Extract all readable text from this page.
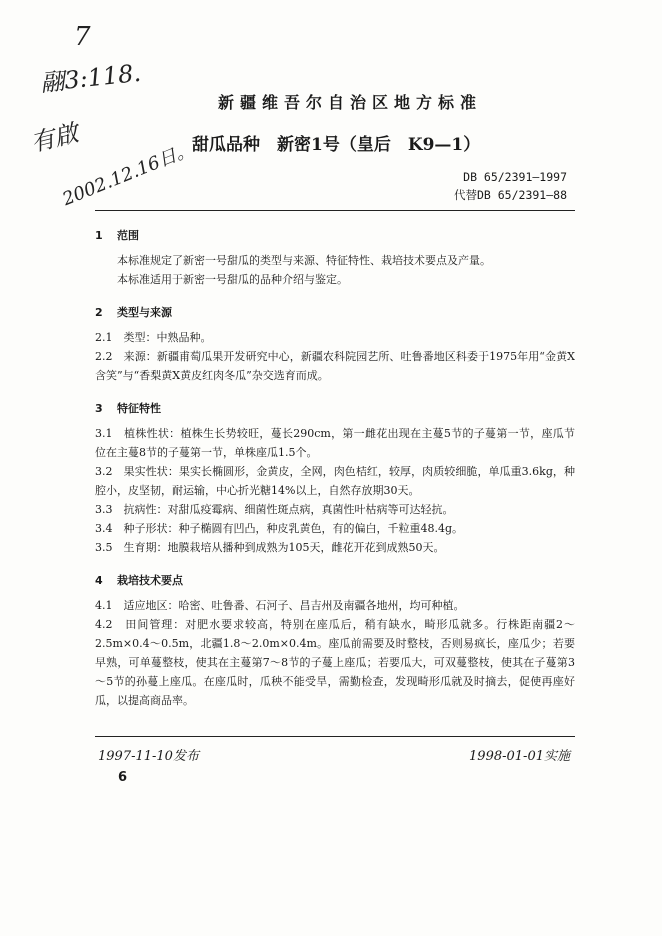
7
翮3:118.
有啟
2002.12.16日。
新疆维吾尔自治区地方标准
甜瓜品种　新密1号（皇后　K9—1）
DB 65/2391—1997
代替DB 65/2391—88
1 范围

本标准规定了新密一号甜瓜的类型与来源、特征特性、栽培技术要点及产量。

本标准适用于新密一号甜瓜的品种介绍与鉴定。

2 类型与来源

2.1　类型：中熟品种。

2.2　来源：新疆甫萄瓜果开发研究中心，新疆农科院园艺所、吐鲁番地区科委于1975年用“金黄X含笑”与“香梨黄X黄皮红肉冬瓜”杂交选育而成。

3 特征特性

3.1　植株性状：植株生长势较旺，蔓长290cm，第一雌花出现在主蔓5节的子蔓第一节，座瓜节位在主蔓8节的子蔓第一节，单株座瓜1.5个。

3.2　果实性状：果实长椭圆形，金黄皮，全网，肉色桔红，较厚，肉质较细脆，单瓜重3.6kg，种腔小，皮坚韧，耐运输，中心折光糖14%以上，自然存放期30天。

3.3　抗病性：对甜瓜疫霉病、细菌性斑点病，真菌性叶枯病等可达轻抗。

3.4　种子形状：种子椭圆有凹凸，种皮乳黄色，有的偏白，千粒重48.4g。

3.5　生育期：地膜栽培从播种到成熟为105天，雌花开花到成熟50天。

4 栽培技术要点

4.1　适应地区：哈密、吐鲁番、石河子、昌吉州及南疆各地州，均可种植。

4.2　田间管理：对肥水要求较高，特别在座瓜后，稍有缺水，畸形瓜就多。行株距南疆2～2.5m×0.4～0.5m，北疆1.8～2.0m×0.4m。座瓜前需要及时整枝，否则易疯长，座瓜少；若要早熟，可单蔓整枝，使其在主蔓第7～8节的子蔓上座瓜；若要瓜大，可双蔓整枝，使其在子蔓第3～5节的孙蔓上座瓜。在座瓜时，瓜秧不能受旱，需勤检查，发现畸形瓜就及时摘去，促使再座好瓜，以提高商品率。

1997-11-10发布	1998-01-01实施
6
